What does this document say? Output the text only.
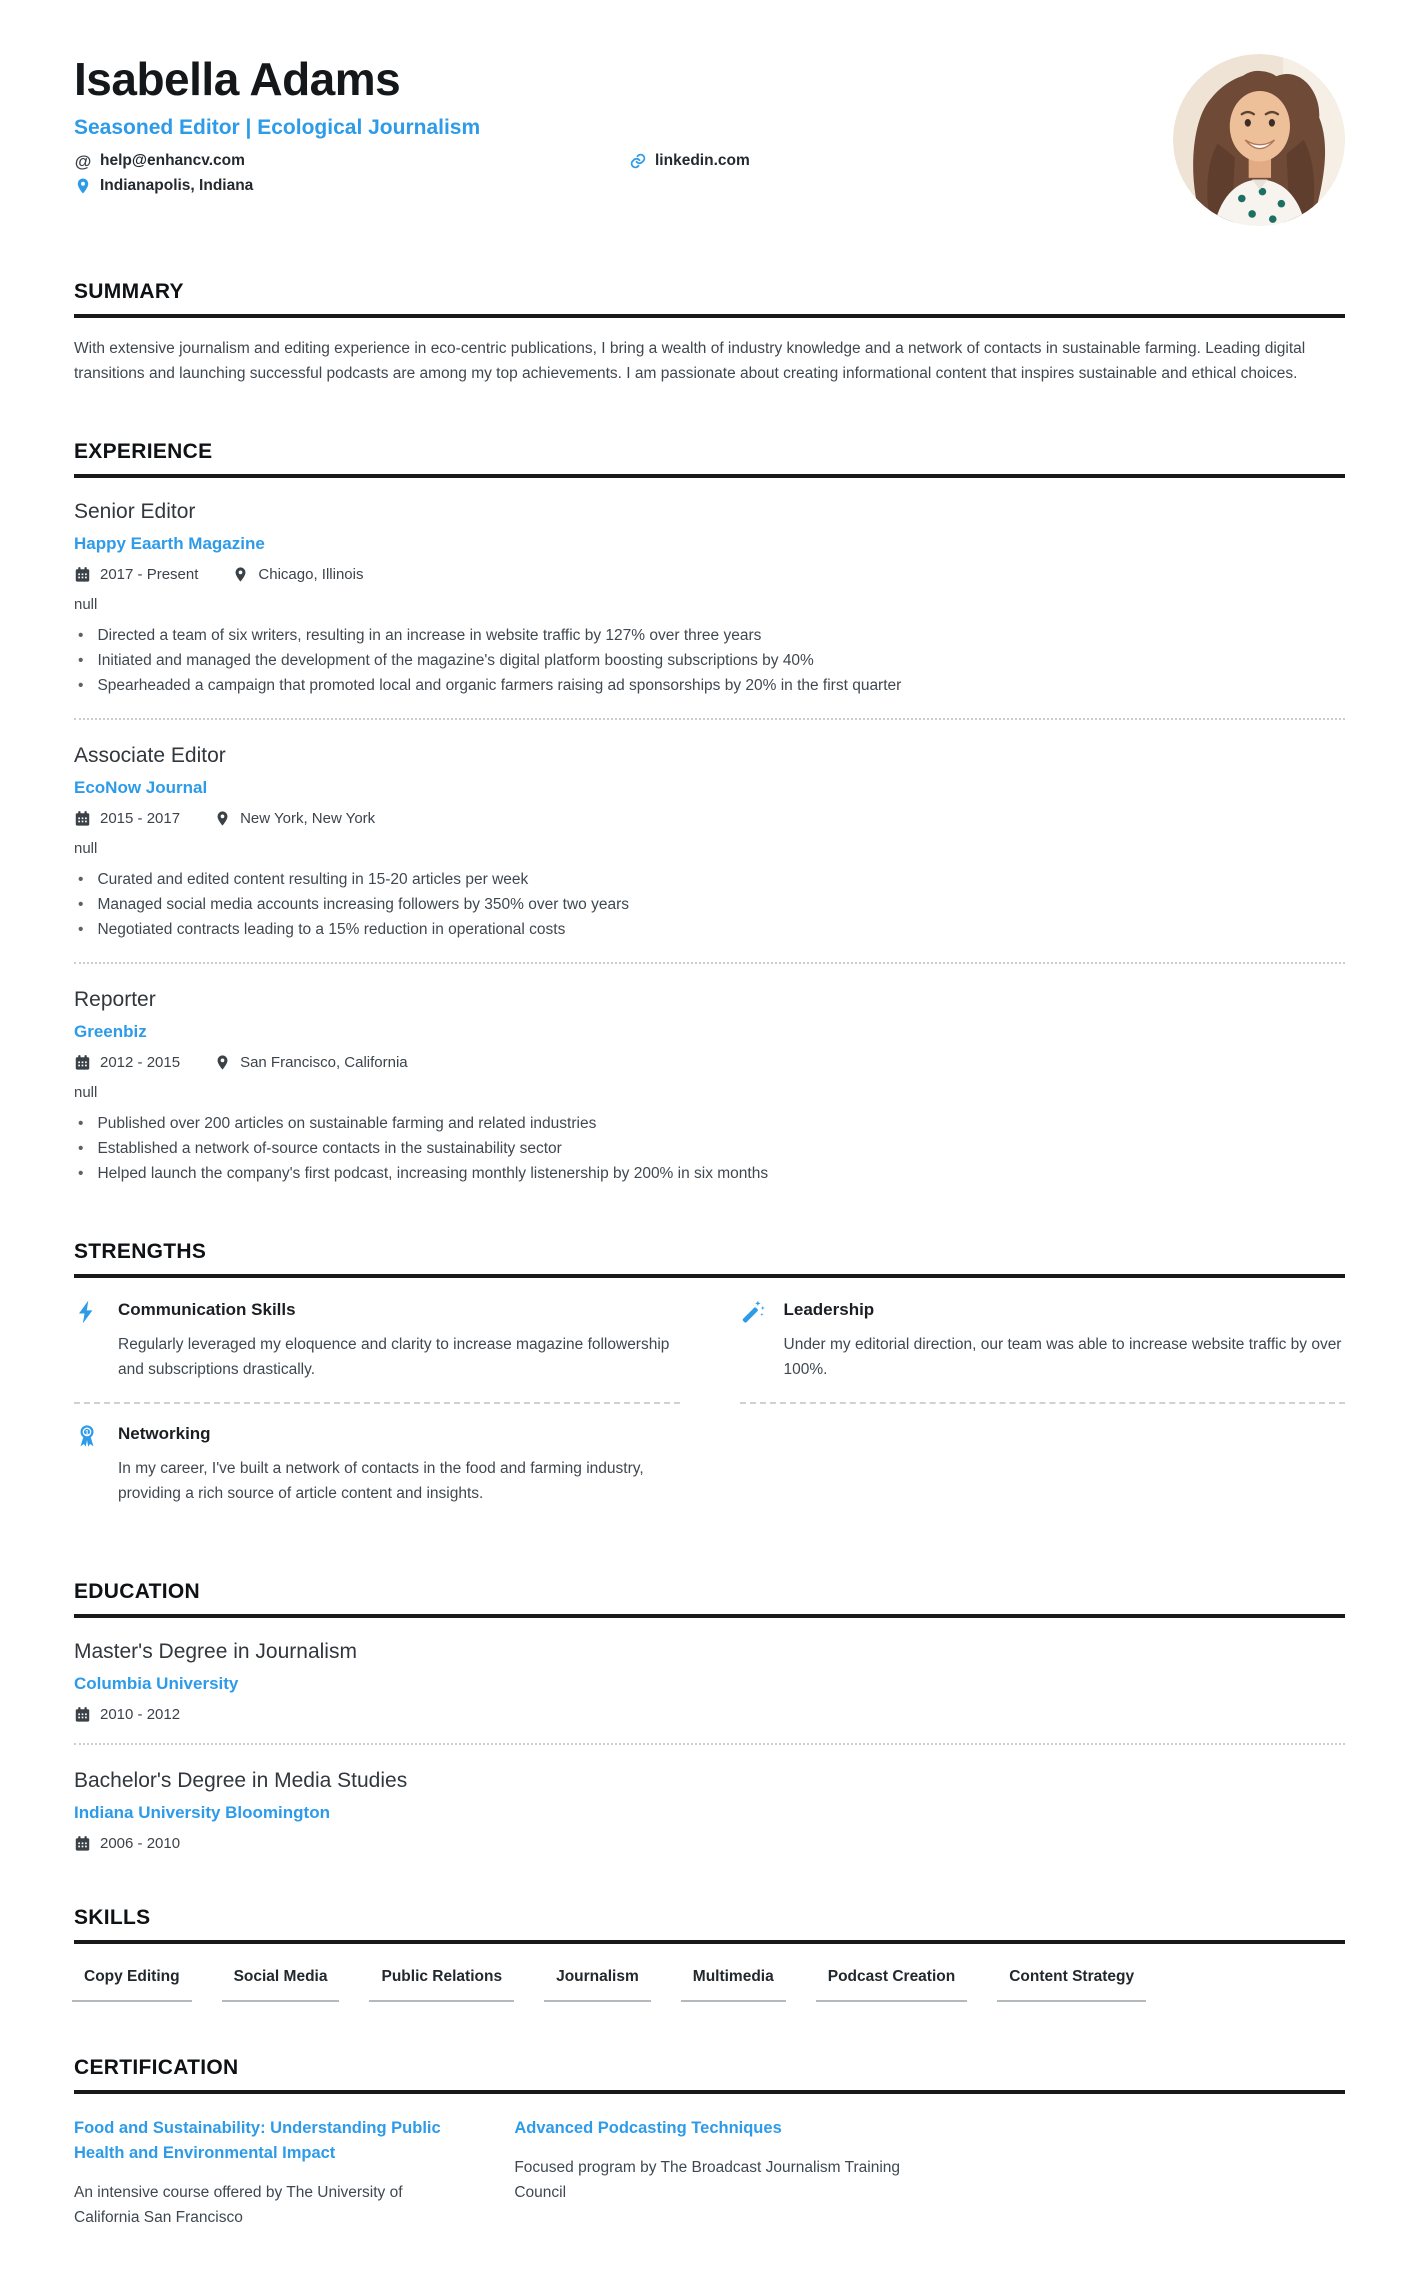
Isabella Adams
Seasoned Editor | Ecological Journalism
@ help@enhancv.com	linkedin.com
Indianapolis, Indiana
SUMMARY

With extensive journalism and editing experience in eco-centric publications, I bring a wealth of industry knowledge and a network of contacts in sustainable farming. Leading digital transitions and launching successful podcasts are among my top achievements. I am passionate about creating informational content that inspires sustainable and ethical choices.

EXPERIENCE
Senior Editor
Happy Eaarth Magazine
2017 - Present	Chicago, Illinois
null
• Directed a team of six writers, resulting in an increase in website traffic by 127% over three years
• Initiated and managed the development of the magazine's digital platform boosting subscriptions by 40%
• Spearheaded a campaign that promoted local and organic farmers raising ad sponsorships by 20% in the first quarter
Associate Editor
EcoNow Journal
2015 - 2017	New York, New York
null
• Curated and edited content resulting in 15-20 articles per week
• Managed social media accounts increasing followers by 350% over two years
• Negotiated contracts leading to a 15% reduction in operational costs
Reporter
Greenbiz
2012 - 2015	San Francisco, California
null
• Published over 200 articles on sustainable farming and related industries
• Established a network of-source contacts in the sustainability sector
• Helped launch the company's first podcast, increasing monthly listenership by 200% in six months
STRENGTHS
Communication Skills
Regularly leveraged my eloquence and clarity to increase magazine followership and subscriptions drastically.
Leadership
Under my editorial direction, our team was able to increase website traffic by over 100%.
1 Networking
In my career, I've built a network of contacts in the food and farming industry, providing a rich source of article content and insights.
EDUCATION
Master's Degree in Journalism
Columbia University
2010 - 2012
Bachelor's Degree in Media Studies
Indiana University Bloomington
2006 - 2010
SKILLS
Copy Editing	Social Media	Public Relations	Journalism	Multimedia	Podcast Creation	Content Strategy
CERTIFICATION
Food and Sustainability: Understanding Public Health and Environmental Impact
An intensive course offered by The University of California San Francisco
Advanced Podcasting Techniques
Focused program by The Broadcast Journalism Training Council
